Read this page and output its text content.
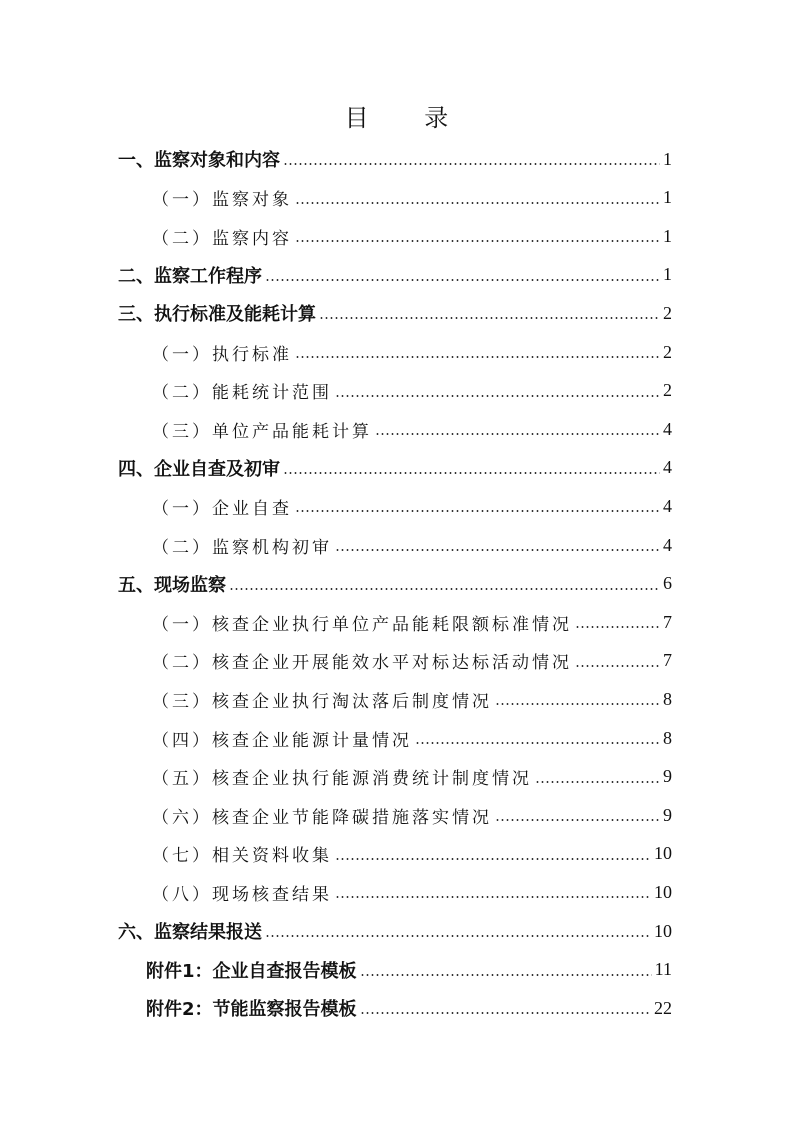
目 录
一、监察对象和内容	1
（一）监察对象	1
（二）监察内容	1
二、监察工作程序	1
三、执行标准及能耗计算	2
（一）执行标准	2
（二）能耗统计范围	2
（三）单位产品能耗计算	4
四、企业自查及初审	4
（一）企业自查	4
（二）监察机构初审	4
五、现场监察	6
（一）核查企业执行单位产品能耗限额标准情况	7
（二）核查企业开展能效水平对标达标活动情况	7
（三）核查企业执行淘汰落后制度情况	8
（四）核查企业能源计量情况	8
（五）核查企业执行能源消费统计制度情况	9
（六）核查企业节能降碳措施落实情况	9
（七）相关资料收集	10
（八）现场核查结果	10
六、监察结果报送	10
附件1：企业自查报告模板	11
附件2：节能监察报告模板	22
